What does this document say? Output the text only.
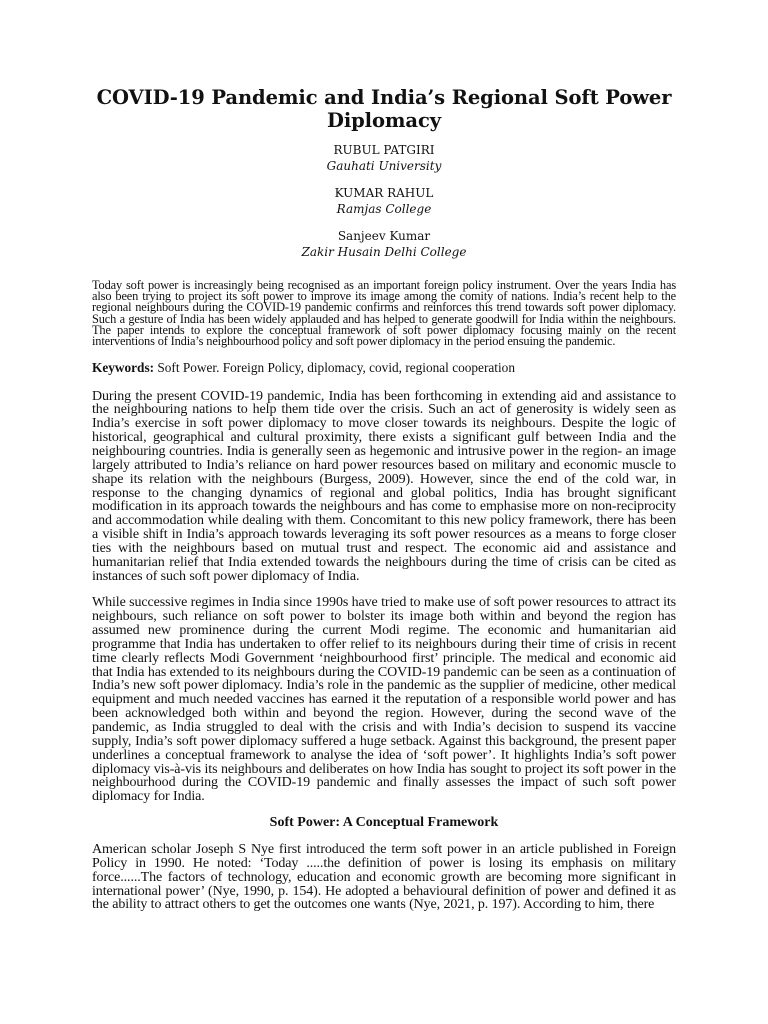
COVID-19 Pandemic and India’s Regional Soft Power Diplomacy
RUBUL PATGIRI
Gauhati University
KUMAR RAHUL
Ramjas College
Sanjeev Kumar
Zakir Husain Delhi College

Today soft power is increasingly being recognised as an important foreign policy instrument. Over the years India has also been trying to project its soft power to improve its image among the comity of nations. India’s recent help to the regional neighbours during the COVID-19 pandemic confirms and reinforces this trend towards soft power diplomacy. Such a gesture of India has been widely applauded and has helped to generate goodwill for India within the neighbours. The paper intends to explore the conceptual framework of soft power diplomacy focusing mainly on the recent interventions of India’s neighbourhood policy and soft power diplomacy in the period ensuing the pandemic.

Keywords: Soft Power. Foreign Policy, diplomacy, covid, regional cooperation

During the present COVID-19 pandemic, India has been forthcoming in extending aid and assistance to the neighbouring nations to help them tide over the crisis. Such an act of generosity is widely seen as India’s exercise in soft power diplomacy to move closer towards its neighbours. Despite the logic of historical, geographical and cultural proximity, there exists a significant gulf between India and the neighbouring countries. India is generally seen as hegemonic and intrusive power in the region- an image largely attributed to India’s reliance on hard power resources based on military and economic muscle to shape its relation with the neighbours (Burgess, 2009). However, since the end of the cold war, in response to the changing dynamics of regional and global politics, India has brought significant modification in its approach towards the neighbours and has come to emphasise more on non-reciprocity and accommodation while dealing with them. Concomitant to this new policy framework, there has been a visible shift in India’s approach towards leveraging its soft power resources as a means to forge closer ties with the neighbours based on mutual trust and respect. The economic aid and assistance and humanitarian relief that India extended towards the neighbours during the time of crisis can be cited as instances of such soft power diplomacy of India.

While successive regimes in India since 1990s have tried to make use of soft power resources to attract its neighbours, such reliance on soft power to bolster its image both within and beyond the region has assumed new prominence during the current Modi regime. The economic and humanitarian aid programme that India has undertaken to offer relief to its neighbours during their time of crisis in recent time clearly reflects Modi Government ‘neighbourhood first’ principle. The medical and economic aid that India has extended to its neighbours during the COVID-19 pandemic can be seen as a continuation of India’s new soft power diplomacy. India’s role in the pandemic as the supplier of medicine, other medical equipment and much needed vaccines has earned it the reputation of a responsible world power and has been acknowledged both within and beyond the region. However, during the second wave of the pandemic, as India struggled to deal with the crisis and with India’s decision to suspend its vaccine supply, India’s soft power diplomacy suffered a huge setback. Against this background, the present paper underlines a conceptual framework to analyse the idea of ‘soft power’. It highlights India’s soft power diplomacy vis-à-vis its neighbours and deliberates on how India has sought to project its soft power in the neighbourhood during the COVID-19 pandemic and finally assesses the impact of such soft power diplomacy for India.

Soft Power: A Conceptual Framework

American scholar Joseph S Nye first introduced the term soft power in an article published in Foreign Policy in 1990. He noted: ‘Today .....the definition of power is losing its emphasis on military force......The factors of technology, education and economic growth are becoming more significant in international power’ (Nye, 1990, p. 154). He adopted a behavioural definition of power and defined it as the ability to attract others to get the outcomes one wants (Nye, 2021, p. 197). According to him, there
